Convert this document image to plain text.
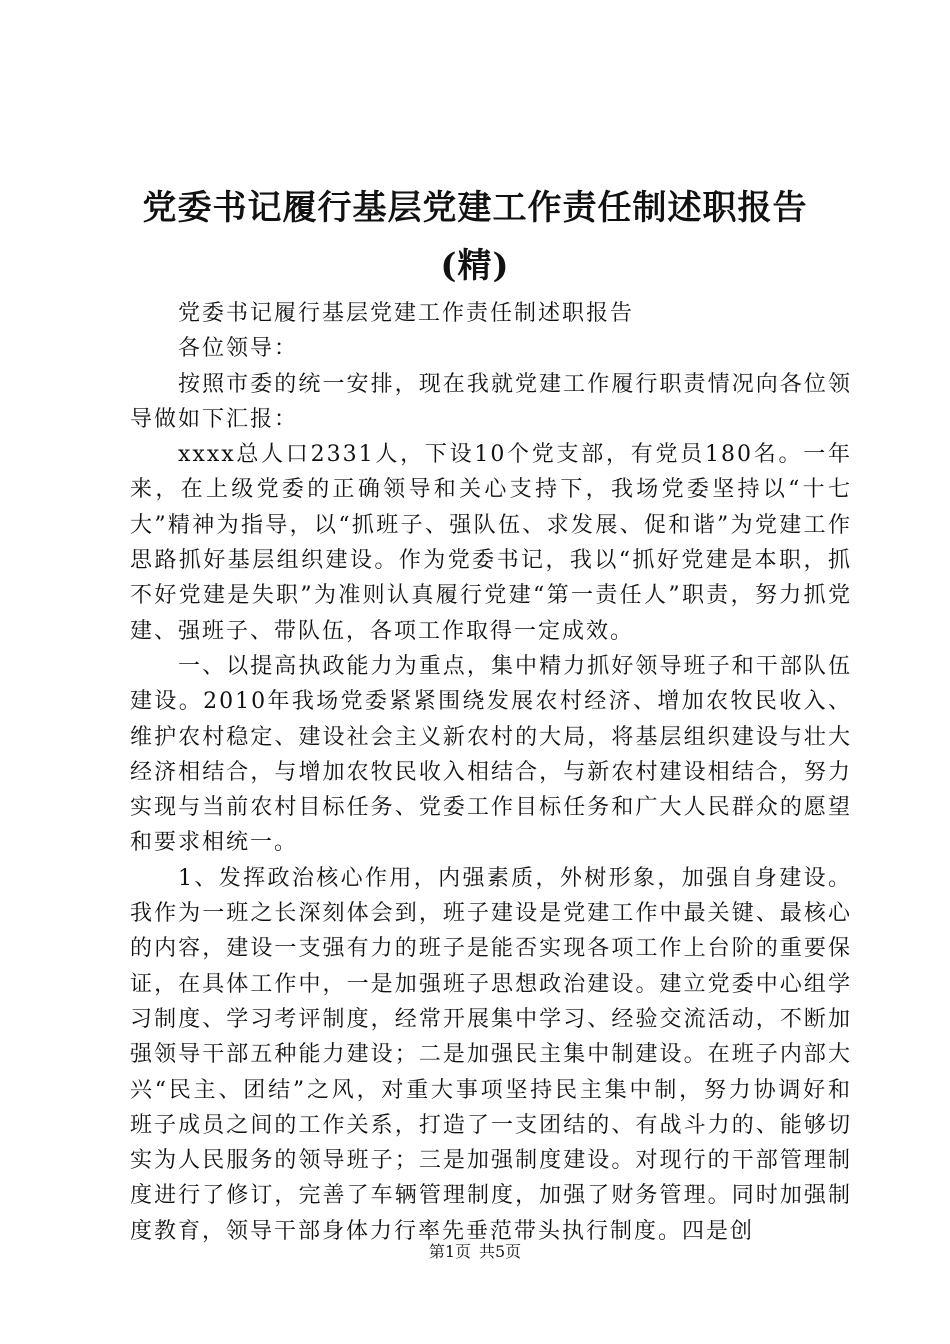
党委书记履行基层党建工作责任制述职报告
(精)

党委书记履行基层党建工作责任制述职报告

各位领导：

按照市委的统一安排，现在我就党建工作履行职责情况向各位领导做如下汇报：

xxxx总人口2331人，下设10个党支部，有党员180名。一年来，在上级党委的正确领导和关心支持下，我场党委坚持以“十七大”精神为指导，以“抓班子、强队伍、求发展、促和谐”为党建工作思路抓好基层组织建设。作为党委书记，我以“抓好党建是本职，抓不好党建是失职”为准则认真履行党建“第一责任人”职责，努力抓党建、强班子、带队伍，各项工作取得一定成效。

一、以提高执政能力为重点，集中精力抓好领导班子和干部队伍建设。2010年我场党委紧紧围绕发展农村经济、增加农牧民收入、维护农村稳定、建设社会主义新农村的大局，将基层组织建设与壮大经济相结合，与增加农牧民收入相结合，与新农村建设相结合，努力实现与当前农村目标任务、党委工作目标任务和广大人民群众的愿望和要求相统一。

1、发挥政治核心作用，内强素质，外树形象，加强自身建设。我作为一班之长深刻体会到，班子建设是党建工作中最关键、最核心的内容，建设一支强有力的班子是能否实现各项工作上台阶的重要保证，在具体工作中，一是加强班子思想政治建设。建立党委中心组学习制度、学习考评制度，经常开展集中学习、经验交流活动，不断加强领导干部五种能力建设；二是加强民主集中制建设。在班子内部大兴“民主、团结”之风，对重大事项坚持民主集中制，努力协调好和班子成员之间的工作关系，打造了一支团结的、有战斗力的、能够切实为人民服务的领导班子；三是加强制度建设。对现行的干部管理制度进行了修订，完善了车辆管理制度，加强了财务管理。同时加强制度教育，领导干部身体力行率先垂范带头执行制度。四是创

第1页 共5页
